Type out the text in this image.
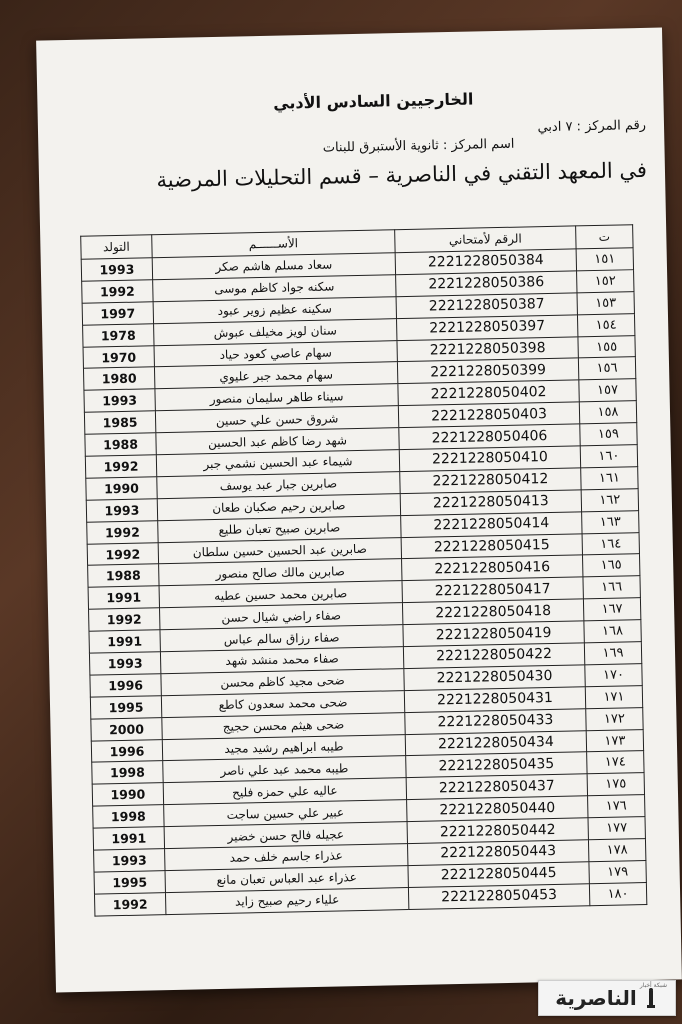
الخارجيين السادس الأدبي
رقم المركز : ٧ ادبي
اسم المركز : ثانوية الأستبرق للبنات
في المعهد التقني في الناصرية – قسم التحليلات المرضية
ت	الرقم لأمتحاني	الأســــــم	التولد
١٥١	2221228050384	سعاد مسلم هاشم صكر	1993
١٥٢	2221228050386	سكنه جواد كاظم موسى	1992
١٥٣	2221228050387	سكينه عظيم زوير عبود	1997
١٥٤	2221228050397	سنان لويز مخيلف عبوش	1978
١٥٥	2221228050398	سهام عاصي كعود حياد	1970
١٥٦	2221228050399	سهام محمد جبر عليوي	1980
١٥٧	2221228050402	سيناء طاهر سليمان منصور	1993
١٥٨	2221228050403	شروق حسن علي حسين	1985
١٥٩	2221228050406	شهد رضا كاظم عبد الحسين	1988
١٦٠	2221228050410	شيماء عبد الحسين نشمي جبر	1992
١٦١	2221228050412	صابرين جبار عبد يوسف	1990
١٦٢	2221228050413	صابرين رحيم صكبان طعان	1993
١٦٣	2221228050414	صابرين صبيح تعبان طليع	1992
١٦٤	2221228050415	صابرين عبد الحسين حسين سلطان	1992
١٦٥	2221228050416	صابرين مالك صالح منصور	1988
١٦٦	2221228050417	صابرين محمد حسين عطيه	1991
١٦٧	2221228050418	صفاء راضي شيال حسن	1992
١٦٨	2221228050419	صفاء رزاق سالم عباس	1991
١٦٩	2221228050422	صفاء محمد منشد شهد	1993
١٧٠	2221228050430	ضحى مجيد كاظم محسن	1996
١٧١	2221228050431	ضحى محمد سعدون كاطع	1995
١٧٢	2221228050433	ضحى هيثم محسن حجيج	2000
١٧٣	2221228050434	طيبه ابراهيم رشيد مجيد	1996
١٧٤	2221228050435	طيبه محمد عبد علي ناصر	1998
١٧٥	2221228050437	عاليه علي حمزه فليح	1990
١٧٦	2221228050440	عبير علي حسين ساجت	1998
١٧٧	2221228050442	عجيله فالح حسن خضير	1991
١٧٨	2221228050443	عذراء جاسم خلف حمد	1993
١٧٩	2221228050445	عذراء عبد العباس تعبان مانع	1995
١٨٠	2221228050453	علياء رحيم صبيح زايد	1992
شبكة أخبار
الناصرية
